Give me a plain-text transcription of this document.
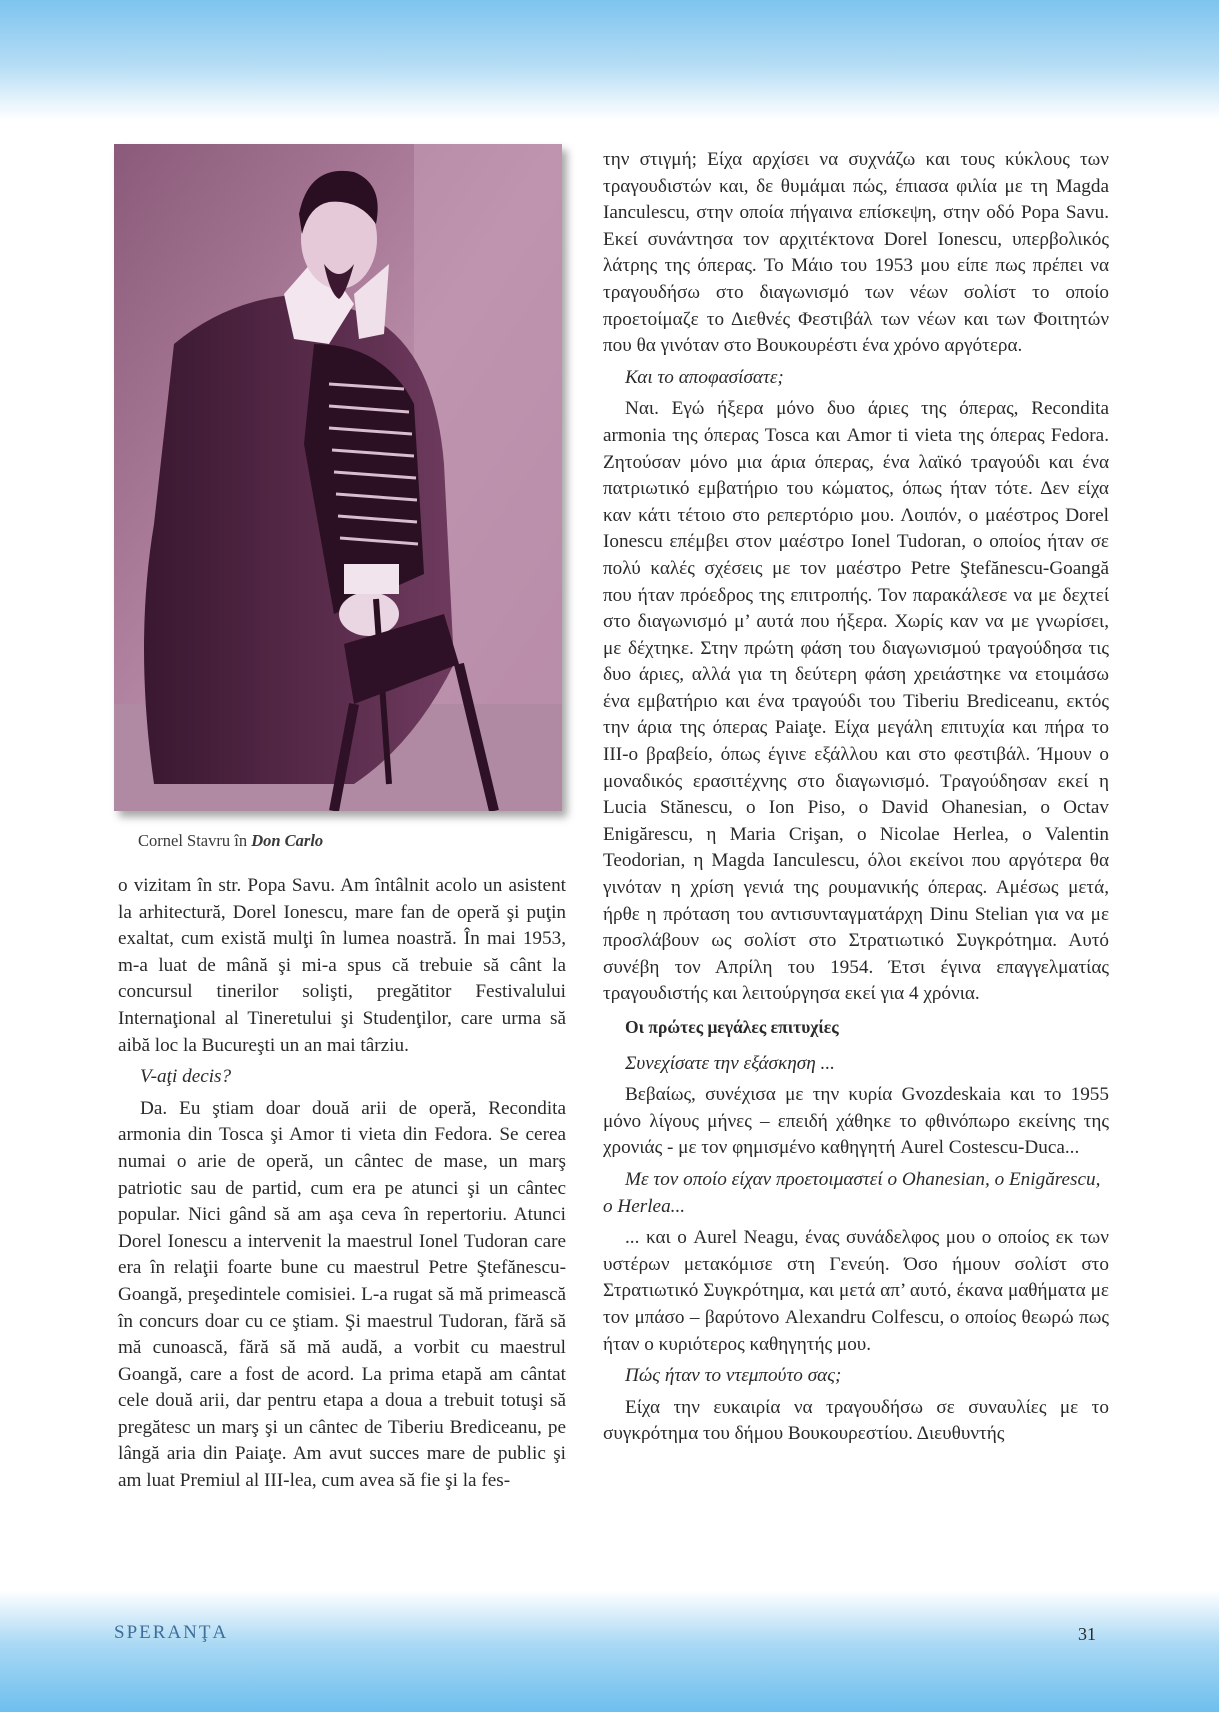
Cornel Stavru în Don Carlo

o vizitam în str. Popa Savu. Am întâlnit acolo un asistent la arhitectură, Dorel Ionescu, mare fan de operă şi puţin exaltat, cum există mulţi în lumea noastră. În mai 1953, m-a luat de mână şi mi-a spus că trebuie să cânt la concursul tinerilor solişti, pregătitor Festivalului Internaţional al Tineretului şi Studenţilor, care urma să aibă loc la Bucureşti un an mai târziu.

V-aţi decis?

Da. Eu ştiam doar două arii de operă, Recondita armonia din Tosca şi Amor ti vieta din Fedora. Se cerea numai o arie de operă, un cântec de mase, un marş patriotic sau de partid, cum era pe atunci şi un cântec popular. Nici gând să am aşa ceva în repertoriu. Atunci Dorel Ionescu a intervenit la maestrul Ionel Tudoran care era în relaţii foarte bune cu maestrul Petre Ştefănescu-Goangă, preşedintele comisiei. L-a rugat să mă primească în concurs doar cu ce ştiam. Şi maestrul Tudoran, fără să mă cunoască, fără să mă audă, a vorbit cu maestrul Goangă, care a fost de acord. La prima etapă am cântat cele două arii, dar pentru etapa a doua a trebuit totuşi să pregătesc un marş şi un cântec de Tiberiu Brediceanu, pe lângă aria din Paiaţe. Am avut succes mare de public şi am luat Premiul al III-lea, cum avea să fie şi la fes-

την στιγμή; Είχα αρχίσει να συχνάζω και τους κύκλους των τραγουδιστών και, δε θυμάμαι πώς, έπιασα φιλία με τη Magda Ianculescu, στην οποία πήγαινα επίσκεψη, στην οδό Popa Savu. Εκεί συνάντησα τον αρχιτέκτονα Dorel Ionescu, υπερβολικός λάτρης της όπερας. Το Μάιο του 1953 μου είπε πως πρέπει να τραγουδήσω στο διαγωνισμό των νέων σολίστ το οποίο προετοίμαζε το Διεθνές Φεστιβάλ των νέων και των Φοιτητών που θα γινόταν στο Βουκουρέστι ένα χρόνο αργότερα.

Και το αποφασίσατε;

Ναι. Εγώ ήξερα μόνο δυο άριες της όπερας, Recondita armonia της όπερας Tosca και Amor ti vieta της όπερας Fedora. Ζητούσαν μόνο μια άρια όπερας, ένα λαϊκό τραγούδι και ένα πατριωτικό εμβατήριο του κώματος, όπως ήταν τότε. Δεν είχα καν κάτι τέτοιο στο ρεπερτόριο μου. Λοιπόν, ο μαέστρος Dorel Ionescu επέμβει στον μαέστρο Ionel Tudoran, ο οποίος ήταν σε πολύ καλές σχέσεις με τον μαέστρο Petre Ştefănescu-Goangă που ήταν πρόεδρος της επιτροπής. Τον παρακάλεσε να με δεχτεί στο διαγωνισμό μ’ αυτά που ήξερα. Χωρίς καν να με γνωρίσει, με δέχτηκε. Στην πρώτη φάση του διαγωνισμού τραγούδησα τις δυο άριες, αλλά για τη δεύτερη φάση χρειάστηκε να ετοιμάσω ένα εμβατήριο και ένα τραγούδι του Tiberiu Brediceanu, εκτός την άρια της όπερας Paiaţe. Είχα μεγάλη επιτυχία και πήρα το III-ο βραβείο, όπως έγινε εξάλλου και στο φεστιβάλ. Ήμουν ο μοναδικός ερασιτέχνης στο διαγωνισμό. Τραγούδησαν εκεί η Lucia Stănescu, ο Ion Piso, ο David Ohanesian, ο Octav Enigărescu, η Maria Crişan, ο Nicolae Herlea, ο Valentin Teodorian, η Magda Ianculescu, όλοι εκείνοι που αργότερα θα γινόταν η χρίση γενιά της ρουμανικής όπερας. Αμέσως μετά, ήρθε η πρόταση του αντισυνταγματάρχη Dinu Stelian για να με προσλάβουν ως σολίστ στο Στρατιωτικό Συγκρότημα. Αυτό συνέβη τον Απρίλη του 1954. Έτσι έγινα επαγγελματίας τραγουδιστής και λειτούργησα εκεί για 4 χρόνια.

Οι πρώτες μεγάλες επιτυχίες

Συνεχίσατε την εξάσκηση ...

Βεβαίως, συνέχισα με την κυρία Gvozdeskaia και το 1955 μόνο λίγους μήνες – επειδή χάθηκε το φθινόπωρο εκείνης της χρονιάς - με τον φημισμένο καθηγητή Aurel Costescu-Duca...

Με τον οποίο είχαν προετοιμαστεί ο Ohanesian, ο Enigărescu, ο Herlea...

... και ο Aurel Neagu, ένας συνάδελφος μου ο οποίος εκ των υστέρων μετακόμισε στη Γενεύη. Όσο ήμουν σολίστ στο Στρατιωτικό Συγκρότημα, και μετά απ’ αυτό, έκανα μαθήματα με τον μπάσο – βαρύτονο Alexandru Colfescu, ο οποίος θεωρώ πως ήταν ο κυριότερος καθηγητής μου.

Πώς ήταν το ντεμπούτο σας;

Είχα την ευκαιρία να τραγουδήσω σε συναυλίες με το συγκρότημα του δήμου Βουκουρεστίου. Διευθυντής

SPERANŢA	31
